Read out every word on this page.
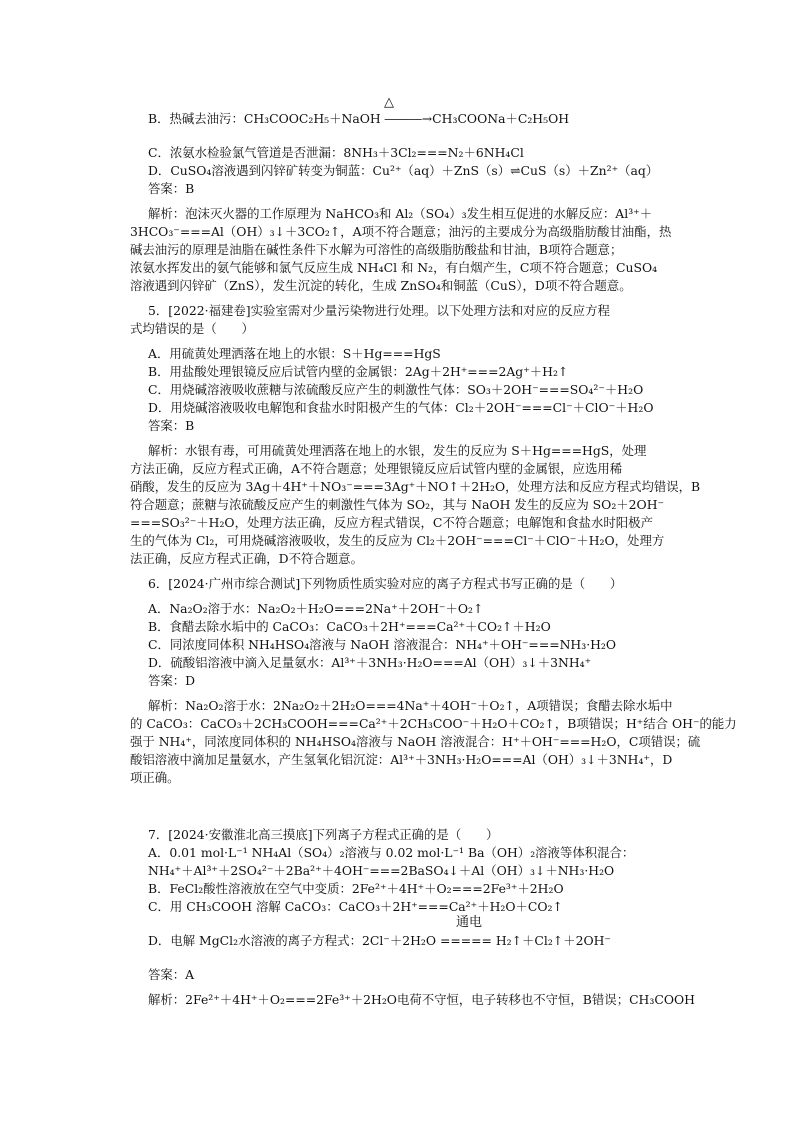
B．热碱去油污：CH₃COOC₂H₅＋NaOH ―――→CH₃COONa＋C₂H₅OH
C．浓氨水检验氯气管道是否泄漏：8NH₃＋3Cl₂===N₂＋6NH₄Cl
D．CuSO₄溶液遇到闪锌矿转变为铜蓝：Cu²⁺（aq）＋ZnS（s）⇌CuS（s）＋Zn²⁺（aq）
答案：B
解析：泡沫灭火器的工作原理为 NaHCO₃和 Al₂（SO₄）₃发生相互促进的水解反应：Al³⁺＋
3HCO₃⁻===Al（OH）₃↓＋3CO₂↑，A项不符合题意；油污的主要成分为高级脂肪酸甘油酯，热
碱去油污的原理是油脂在碱性条件下水解为可溶性的高级脂肪酸盐和甘油，B项符合题意；
浓氨水挥发出的氨气能够和氯气反应生成 NH₄Cl 和 N₂，有白烟产生，C项不符合题意；CuSO₄
溶液遇到闪锌矿（ZnS），发生沉淀的转化，生成 ZnSO₄和铜蓝（CuS），D项不符合题意。
5．[2022·福建卷]实验室需对少量污染物进行处理。以下处理方法和对应的反应方程
式均错误的是（　　）
A．用硫黄处理洒落在地上的水银：S＋Hg===HgS
B．用盐酸处理银镜反应后试管内壁的金属银：2Ag＋2H⁺===2Ag⁺＋H₂↑
C．用烧碱溶液吸收蔗糖与浓硫酸反应产生的刺激性气体：SO₃＋2OH⁻===SO₄²⁻＋H₂O
D．用烧碱溶液吸收电解饱和食盐水时阳极产生的气体：Cl₂＋2OH⁻===Cl⁻＋ClO⁻＋H₂O
答案：B
解析：水银有毒，可用硫黄处理洒落在地上的水银，发生的反应为 S＋Hg===HgS，处理
方法正确，反应方程式正确，A不符合题意；处理银镜反应后试管内壁的金属银，应选用稀
硝酸，发生的反应为 3Ag＋4H⁺＋NO₃⁻===3Ag⁺＋NO↑＋2H₂O，处理方法和反应方程式均错误，B
符合题意；蔗糖与浓硫酸反应产生的刺激性气体为 SO₂，其与 NaOH 发生的反应为 SO₂＋2OH⁻
===SO₃²⁻＋H₂O，处理方法正确，反应方程式错误，C不符合题意；电解饱和食盐水时阳极产
生的气体为 Cl₂，可用烧碱溶液吸收，发生的反应为 Cl₂＋2OH⁻===Cl⁻＋ClO⁻＋H₂O，处理方
法正确，反应方程式正确，D不符合题意。
6．[2024·广州市综合测试]下列物质性质实验对应的离子方程式书写正确的是（　　）
A．Na₂O₂溶于水：Na₂O₂＋H₂O===2Na⁺＋2OH⁻＋O₂↑
B．食醋去除水垢中的 CaCO₃：CaCO₃＋2H⁺===Ca²⁺＋CO₂↑＋H₂O
C．同浓度同体积 NH₄HSO₄溶液与 NaOH 溶液混合：NH₄⁺＋OH⁻===NH₃·H₂O
D．硫酸铝溶液中滴入足量氨水：Al³⁺＋3NH₃·H₂O===Al（OH）₃↓＋3NH₄⁺
答案：D
解析：Na₂O₂溶于水：2Na₂O₂＋2H₂O===4Na⁺＋4OH⁻＋O₂↑，A项错误；食醋去除水垢中
的 CaCO₃：CaCO₃＋2CH₃COOH===Ca²⁺＋2CH₃COO⁻＋H₂O＋CO₂↑，B项错误；H⁺结合 OH⁻的能力
强于 NH₄⁺，同浓度同体积的 NH₄HSO₄溶液与 NaOH 溶液混合：H⁺＋OH⁻===H₂O，C项错误；硫
酸铝溶液中滴加足量氨水，产生氢氧化铝沉淀：Al³⁺＋3NH₃·H₂O===Al（OH）₃↓＋3NH₄⁺，D
项正确。
7．[2024·安徽淮北高三摸底]下列离子方程式正确的是（　　）
A．0.01 mol·L⁻¹ NH₄Al（SO₄）₂溶液与 0.02 mol·L⁻¹ Ba（OH）₂溶液等体积混合：
NH₄⁺＋Al³⁺＋2SO₄²⁻＋2Ba²⁺＋4OH⁻===2BaSO₄↓＋Al（OH）₃↓＋NH₃·H₂O
B．FeCl₂酸性溶液放在空气中变质：2Fe²⁺＋4H⁺＋O₂===2Fe³⁺＋2H₂O
C．用 CH₃COOH 溶解 CaCO₃：CaCO₃＋2H⁺===Ca²⁺＋H₂O＋CO₂↑
D．电解 MgCl₂水溶液的离子方程式：2Cl⁻＋2H₂O ===== H₂↑＋Cl₂↑＋2OH⁻
答案：A
解析：2Fe²⁺＋4H⁺＋O₂===2Fe³⁺＋2H₂O电荷不守恒，电子转移也不守恒，B错误；CH₃COOH
△
通电
